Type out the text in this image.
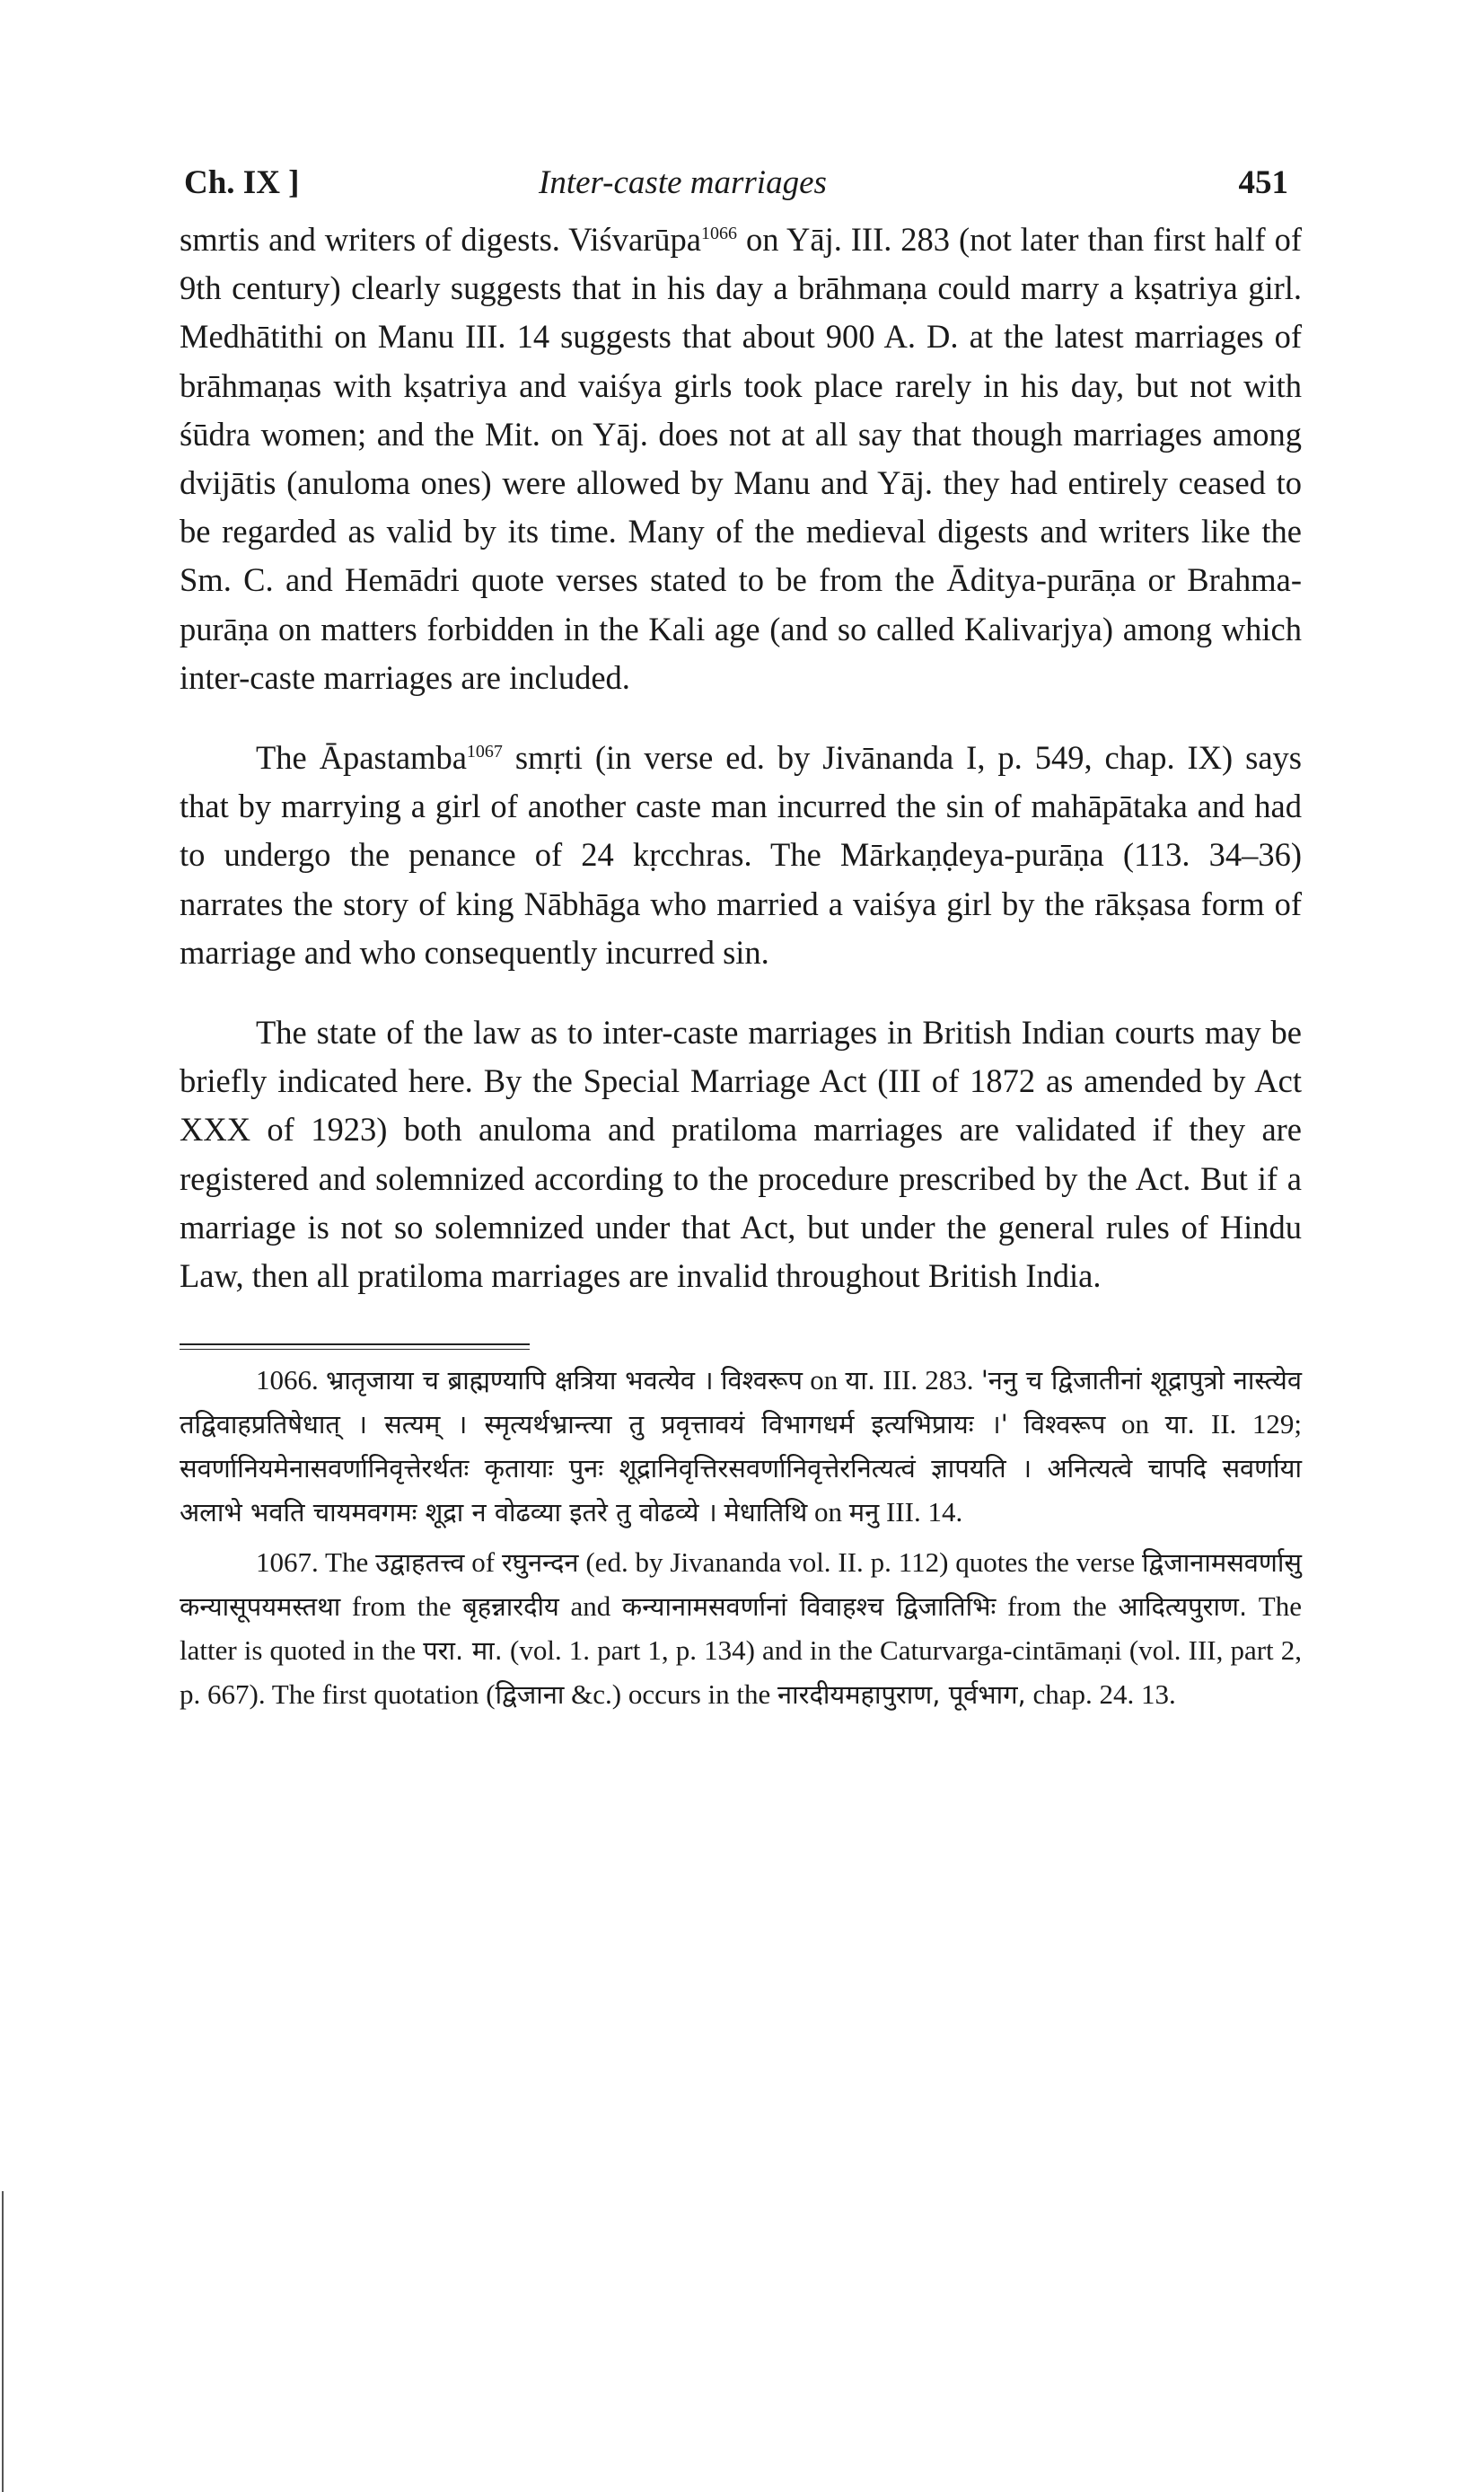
Ch. IX ]	Inter-caste marriages	451

smrtis and writers of digests. Viśvarūpa$^{1066}$ on Yāj. III. 283 (not later than first half of 9th century) clearly suggests that in his day a brāhmaṇa could marry a kṣatriya girl. Medhātithi on Manu III. 14 suggests that about 900 A. D. at the latest marriages of brāhmaṇas with kṣatriya and vaiśya girls took place rarely in his day, but not with śūdra women; and the Mit. on Yāj. does not at all say that though marriages among dvijātis (anuloma ones) were allowed by Manu and Yāj. they had entirely ceased to be regarded as valid by its time. Many of the medieval digests and writers like the Sm. C. and Hemādri quote verses stated to be from the Āditya-purāṇa or Brahma-purāṇa on matters forbidden in the Kali age (and so called Kalivarjya) among which inter-caste marriages are included.

The Āpastamba$^{1067}$ smṛti (in verse ed. by Jivānanda I, p. 549, chap. IX) says that by marrying a girl of another caste man incurred the sin of mahāpātaka and had to undergo the penance of 24 kṛcchras. The Mārkaṇḍeya-purāṇa (113. 34–36) narrates the story of king Nābhāga who married a vaiśya girl by the rākṣasa form of marriage and who consequently incurred sin.

The state of the law as to inter-caste marriages in British Indian courts may be briefly indicated here. By the Special Marriage Act (III of 1872 as amended by Act XXX of 1923) both anuloma and pratiloma marriages are validated if they are registered and solemnized according to the procedure prescribed by the Act. But if a marriage is not so solemnized under that Act, but under the general rules of Hindu Law, then all pratiloma marriages are invalid throughout British India.

1066. भ्रातृजाया च ब्राह्मण्यापि क्षत्रिया भवत्येव । विश्वरूप on या. III. 283. 'ननु च द्विजातीनां शूद्रापुत्रो नास्त्येव तद्विवाहप्रतिषेधात् । सत्यम् । स्मृत्यर्थभ्रान्त्या तु प्रवृत्तावयं विभागधर्म इत्यभिप्रायः ।' विश्वरूप on या. II. 129; सवर्णानियमेनासवर्णानिवृत्तेरर्थतः कृतायाः पुनः शूद्रानिवृत्तिरसवर्णानिवृत्तेरनित्यत्वं ज्ञापयति । अनित्यत्वे चापदि सवर्णाया अलाभे भवति चायमवगमः शूद्रा न वोढव्या इतरे तु वोढव्ये । मेधातिथि on मनु III. 14.

1067. The उद्वाहतत्त्व of रघुनन्दन (ed. by Jivananda vol. II. p. 112) quotes the verse द्विजानामसवर्णासु कन्यासूपयमस्तथा from the बृहन्नारदीय and कन्यानामसवर्णानां विवाहश्च द्विजातिभिः from the आदित्यपुराण. The latter is quoted in the परा. मा. (vol. 1. part 1, p. 134) and in the Caturvarga-cintāmaṇi (vol. III, part 2, p. 667). The first quotation (द्विजाना &c.) occurs in the नारदीयमहापुराण, पूर्वभाग, chap. 24. 13.
